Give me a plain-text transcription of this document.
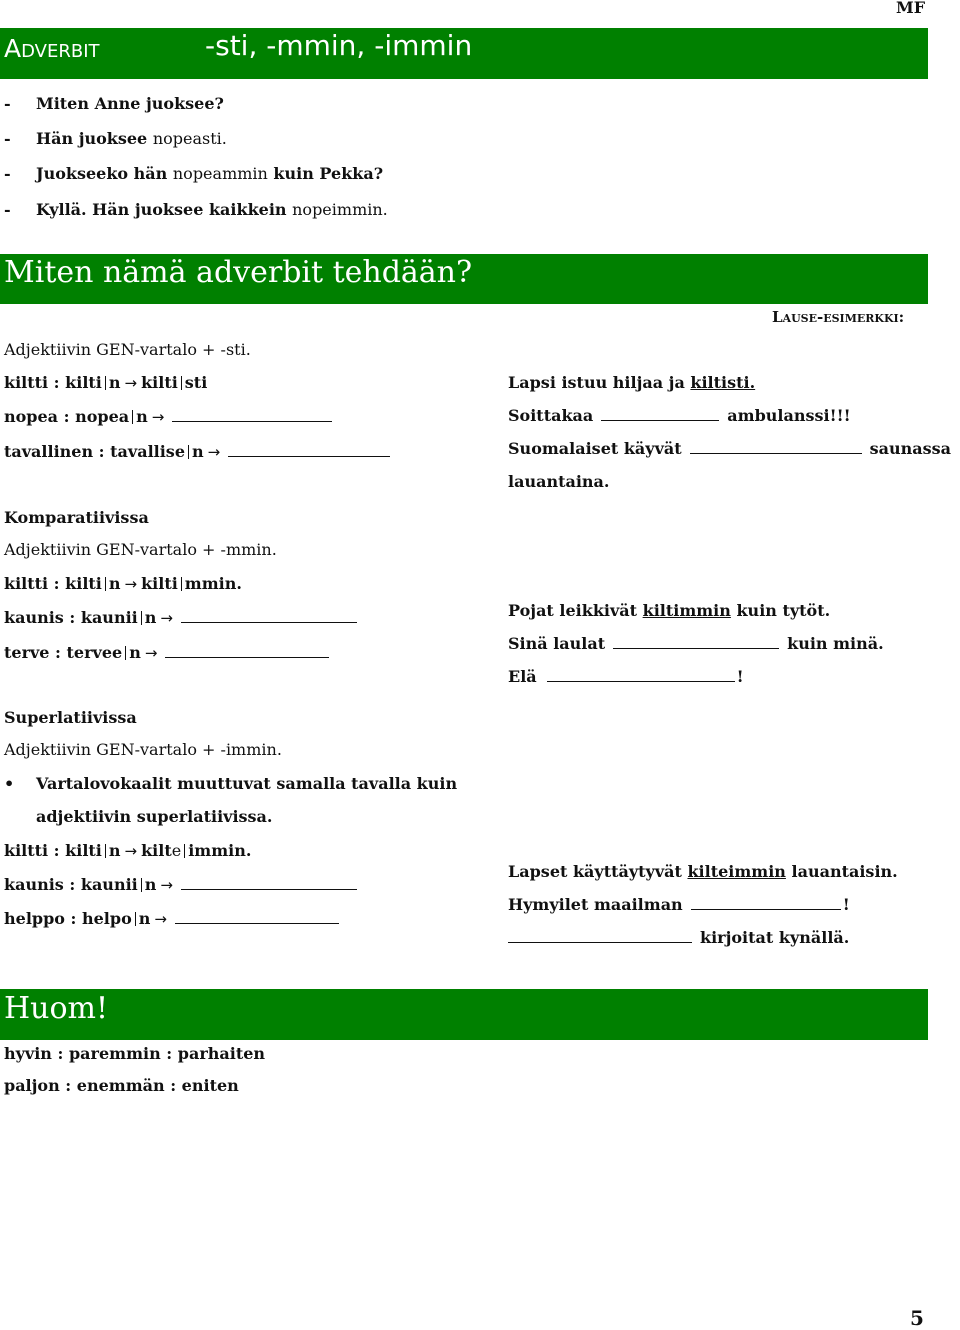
MF
Adverbit	-sti, -mmin, -immin
- Miten Anne juoksee?
- Hän juoksee nopeasti.
- Juokseeko hän nopeammin kuin Pekka?
- Kyllä. Hän juoksee kaikkein nopeimmin.
Miten nämä adverbit tehdään?
Lause-esimerkki:
Adjektiivin GEN-vartalo + -sti.
kiltti : kilti n → kilti sti
nopea : nopea n →
tavallinen : tavallise n →
Lapsi istuu hiljaa ja kiltisti.
Soittakaa	ambulanssi!!!
Suomalaiset käyvät	saunassa
lauantaina.
Komparatiivissa
Adjektiivin GEN-vartalo + -mmin.
kiltti : kilti n → kilti mmin.
kaunis : kaunii n →
terve : tervee n →
Pojat leikkivät kiltimmin kuin tytöt.
Sinä laulat	kuin minä.
Elä	!
Superlatiivissa
Adjektiivin GEN-vartalo + -immin.
• Vartalovokaalit muuttuvat samalla tavalla kuin
adjektiivin superlatiivissa.
kiltti : kilti n → kilte immin.
kaunis : kaunii n →
helppo : helpo n →
Lapset käyttäytyvät kilteimmin lauantaisin.
Hymyilet maailman	!
kirjoitat kynällä.
Huom!
hyvin : paremmin : parhaiten
paljon : enemmän : eniten
5
